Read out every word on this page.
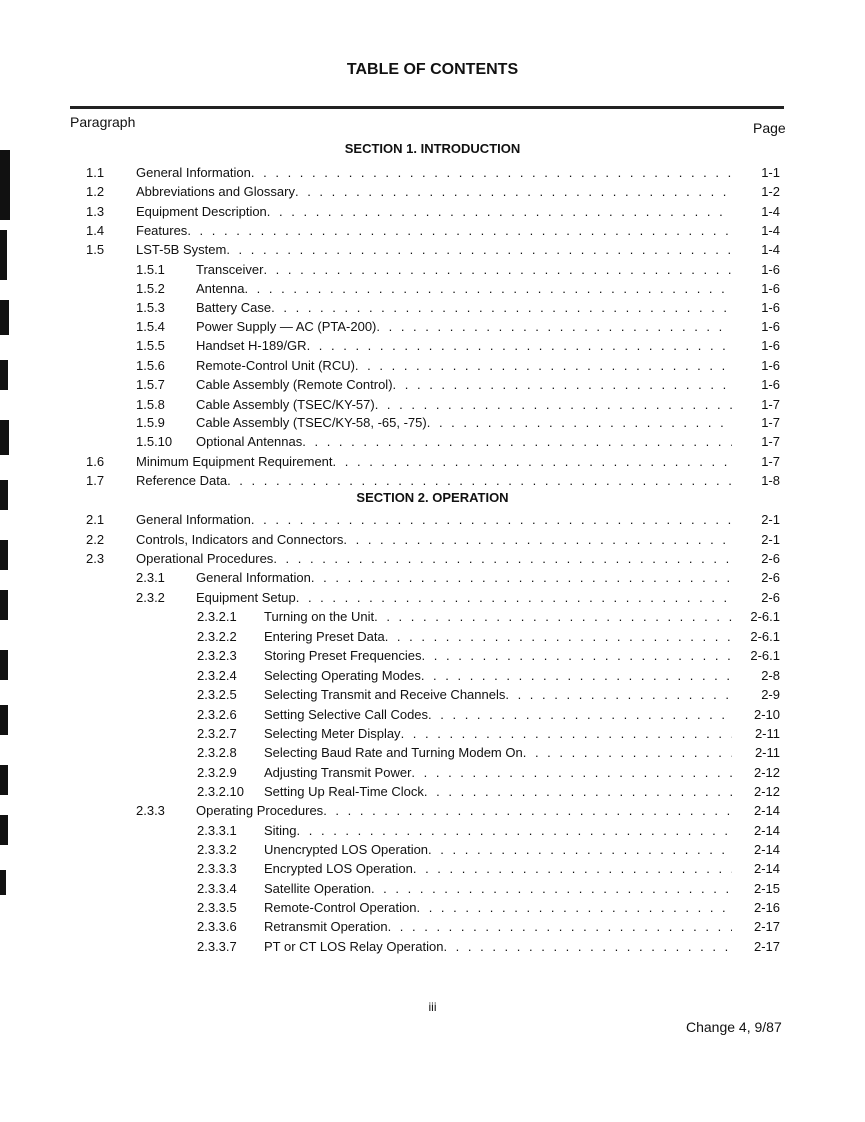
TABLE OF CONTENTS
Paragraph	Page
SECTION 1. INTRODUCTION
1.1 General Information . . .	1-1
1.2 Abbreviations and Glossary . . .	1-2
1.3 Equipment Description . . .	1-4
1.4 Features . . .	1-4
1.5 LST-5B System . . .	1-4
1.5.1 Transceiver . . .	1-6
1.5.2 Antenna . . .	1-6
1.5.3 Battery Case . . .	1-6
1.5.4 Power Supply — AC (PTA-200) . . .	1-6
1.5.5 Handset H-189/GR . . .	1-6
1.5.6 Remote-Control Unit (RCU) . . .	1-6
1.5.7 Cable Assembly (Remote Control) . . .	1-6
1.5.8 Cable Assembly (TSEC/KY-57) . . .	1-7
1.5.9 Cable Assembly (TSEC/KY-58, -65, -75) . . .	1-7
1.5.10 Optional Antennas . . .	1-7
1.6 Minimum Equipment Requirement . . .	1-7
1.7 Reference Data . . .	1-8
SECTION 2. OPERATION
2.1 General Information . . .	2-1
2.2 Controls, Indicators and Connectors . . .	2-1
2.3 Operational Procedures . . .	2-6
2.3.1 General Information . . .	2-6
2.3.2 Equipment Setup . . .	2-6
2.3.2.1 Turning on the Unit . . .	2-6.1
2.3.2.2 Entering Preset Data . . .	2-6.1
2.3.2.3 Storing Preset Frequencies . . .	2-6.1
2.3.2.4 Selecting Operating Modes . . .	2-8
2.3.2.5 Selecting Transmit and Receive Channels . . .	2-9
2.3.2.6 Setting Selective Call Codes . . .	2-10
2.3.2.7 Selecting Meter Display . . .	2-11
2.3.2.8 Selecting Baud Rate and Turning Modem On . . .	2-11
2.3.2.9 Adjusting Transmit Power . . .	2-12
2.3.2.10 Setting Up Real-Time Clock . . .	2-12
2.3.3 Operating Procedures . . .	2-14
2.3.3.1 Siting . . .	2-14
2.3.3.2 Unencrypted LOS Operation . . .	2-14
2.3.3.3 Encrypted LOS Operation . . .	2-14
2.3.3.4 Satellite Operation . . .	2-15
2.3.3.5 Remote-Control Operation . . .	2-16
2.3.3.6 Retransmit Operation . . .	2-17
2.3.3.7 PT or CT LOS Relay Operation . . .	2-17
iii
Change 4, 9/87
